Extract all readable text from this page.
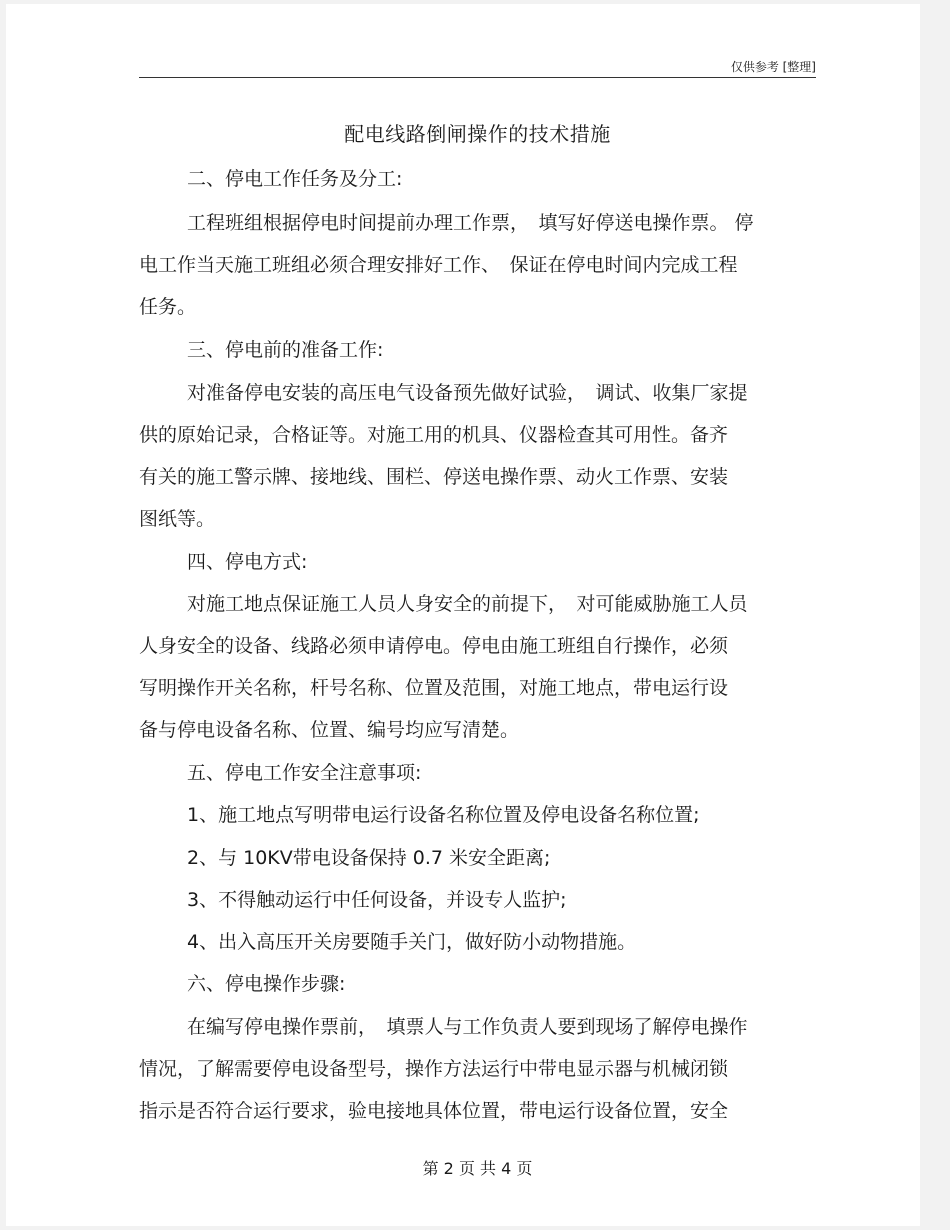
仅供参考 [整理]
配电线路倒闸操作的技术措施
二、停电工作任务及分工:
工程班组根据停电时间提前办理工作票，　填写好停送电操作票。 停
电工作当天施工班组必须合理安排好工作、　保证在停电时间内完成工程
任务。
三、停电前的准备工作:
对准备停电安装的高压电气设备预先做好试验，　调试、收集厂家提
供的原始记录，合格证等。对施工用的机具、仪器检查其可用性。备齐
有关的施工警示牌、接地线、围栏、停送电操作票、动火工作票、安装
图纸等。
四、停电方式:
对施工地点保证施工人员人身安全的前提下，　对可能威胁施工人员
人身安全的设备、线路必须申请停电。停电由施工班组自行操作，必须
写明操作开关名称，杆号名称、位置及范围，对施工地点，带电运行设
备与停电设备名称、位置、编号均应写清楚。
五、停电工作安全注意事项:
1、施工地点写明带电运行设备名称位置及停电设备名称位置;
2、与 10KV带电设备保持 0.7 米安全距离;
3、不得触动运行中任何设备，并设专人监护;
4、出入高压开关房要随手关门，做好防小动物措施。
六、停电操作步骤:
在编写停电操作票前，　填票人与工作负责人要到现场了解停电操作
情况，了解需要停电设备型号，操作方法运行中带电显示器与机械闭锁
指示是否符合运行要求，验电接地具体位置，带电运行设备位置，安全
第 2 页 共 4 页
